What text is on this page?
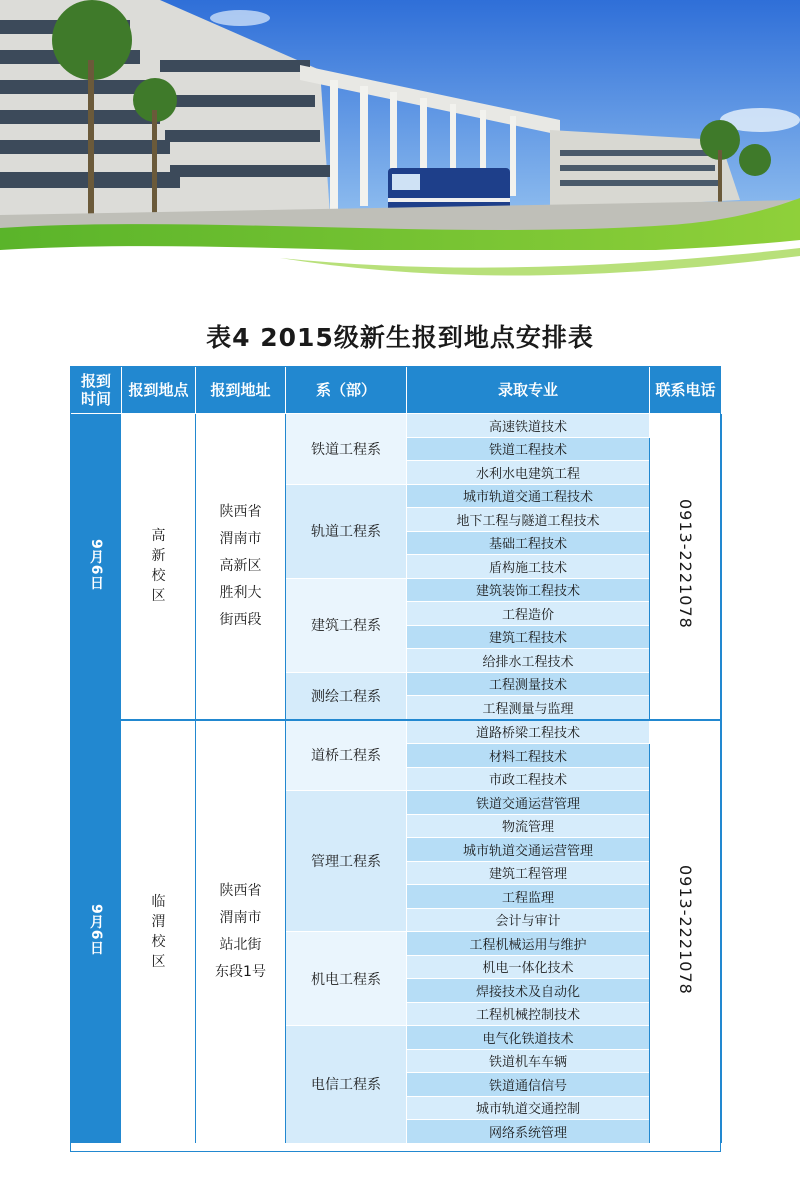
表4 2015级新生报到地点安排表
报到时间	报到地点	报到地址	系（部）	录取专业	联系电话
9月6日	高新校区	陕西省渭南市高新区胜利大街西段	铁道工程系	高速铁道技术	0913-2221078
				铁道工程技术	
				水利水电建筑工程	
			轨道工程系	城市轨道交通工程技术	
				地下工程与隧道工程技术	
				基础工程技术	
				盾构施工技术	
			建筑工程系	建筑装饰工程技术	
				工程造价	
				建筑工程技术	
				给排水工程技术	
			测绘工程系	工程测量技术	
				工程测量与监理	
9月6日	临渭校区	陕西省渭南市站北街东段1号	道桥工程系	道路桥梁工程技术	0913-2221078
				材料工程技术	
				市政工程技术	
			管理工程系	铁道交通运营管理	
				物流管理	
				城市轨道交通运营管理	
				建筑工程管理	
				工程监理	
				会计与审计	
			机电工程系	工程机械运用与维护	
				机电一体化技术	
				焊接技术及自动化	
				工程机械控制技术	
			电信工程系	电气化铁道技术	
				铁道机车车辆	
				铁道通信信号	
				城市轨道交通控制	
				网络系统管理	
